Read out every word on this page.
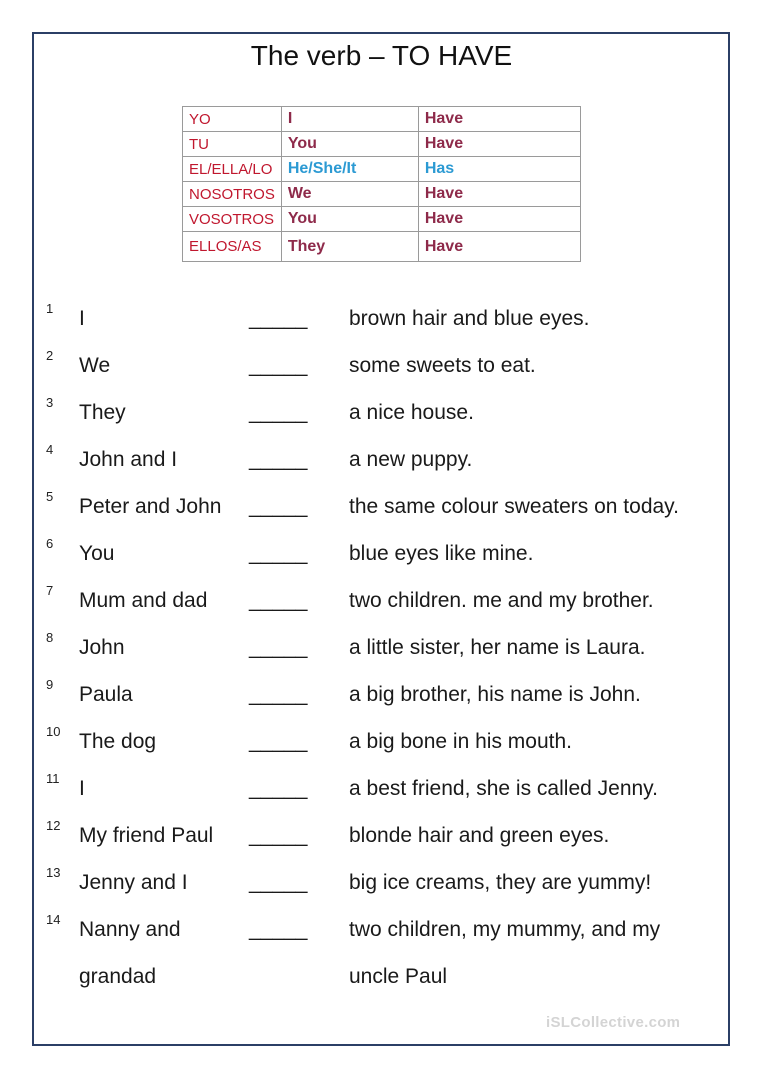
The verb – TO HAVE
YO	I	Have
TU	You	Have
EL/ELLA/LO	He/She/It	Has
NOSOTROS	We	Have
VOSOTROS	You	Have
ELLOS/AS	They	Have
1 I	_____ brown hair and blue eyes.
2 We	_____ some sweets to eat.
3 They	_____ a nice house.
4 John and I	_____ a new puppy.
5 Peter and John _____ the same colour sweaters on today.
6 You	_____ blue eyes like mine.
7 Mum and dad _____ two children. me and my brother.
8 John	_____ a little sister, her name is Laura.
9 Paula	_____ a big brother, his name is John.
10 The dog	_____ a big bone in his mouth.
11 I	_____ a best friend, she is called Jenny.
12 My friend Paul _____ blonde hair and green eyes.
13 Jenny and I	_____ big ice creams, they are yummy!
14 Nanny and	_____ two children, my mummy, and my
grandad	uncle Paul
iSLCollective.com
